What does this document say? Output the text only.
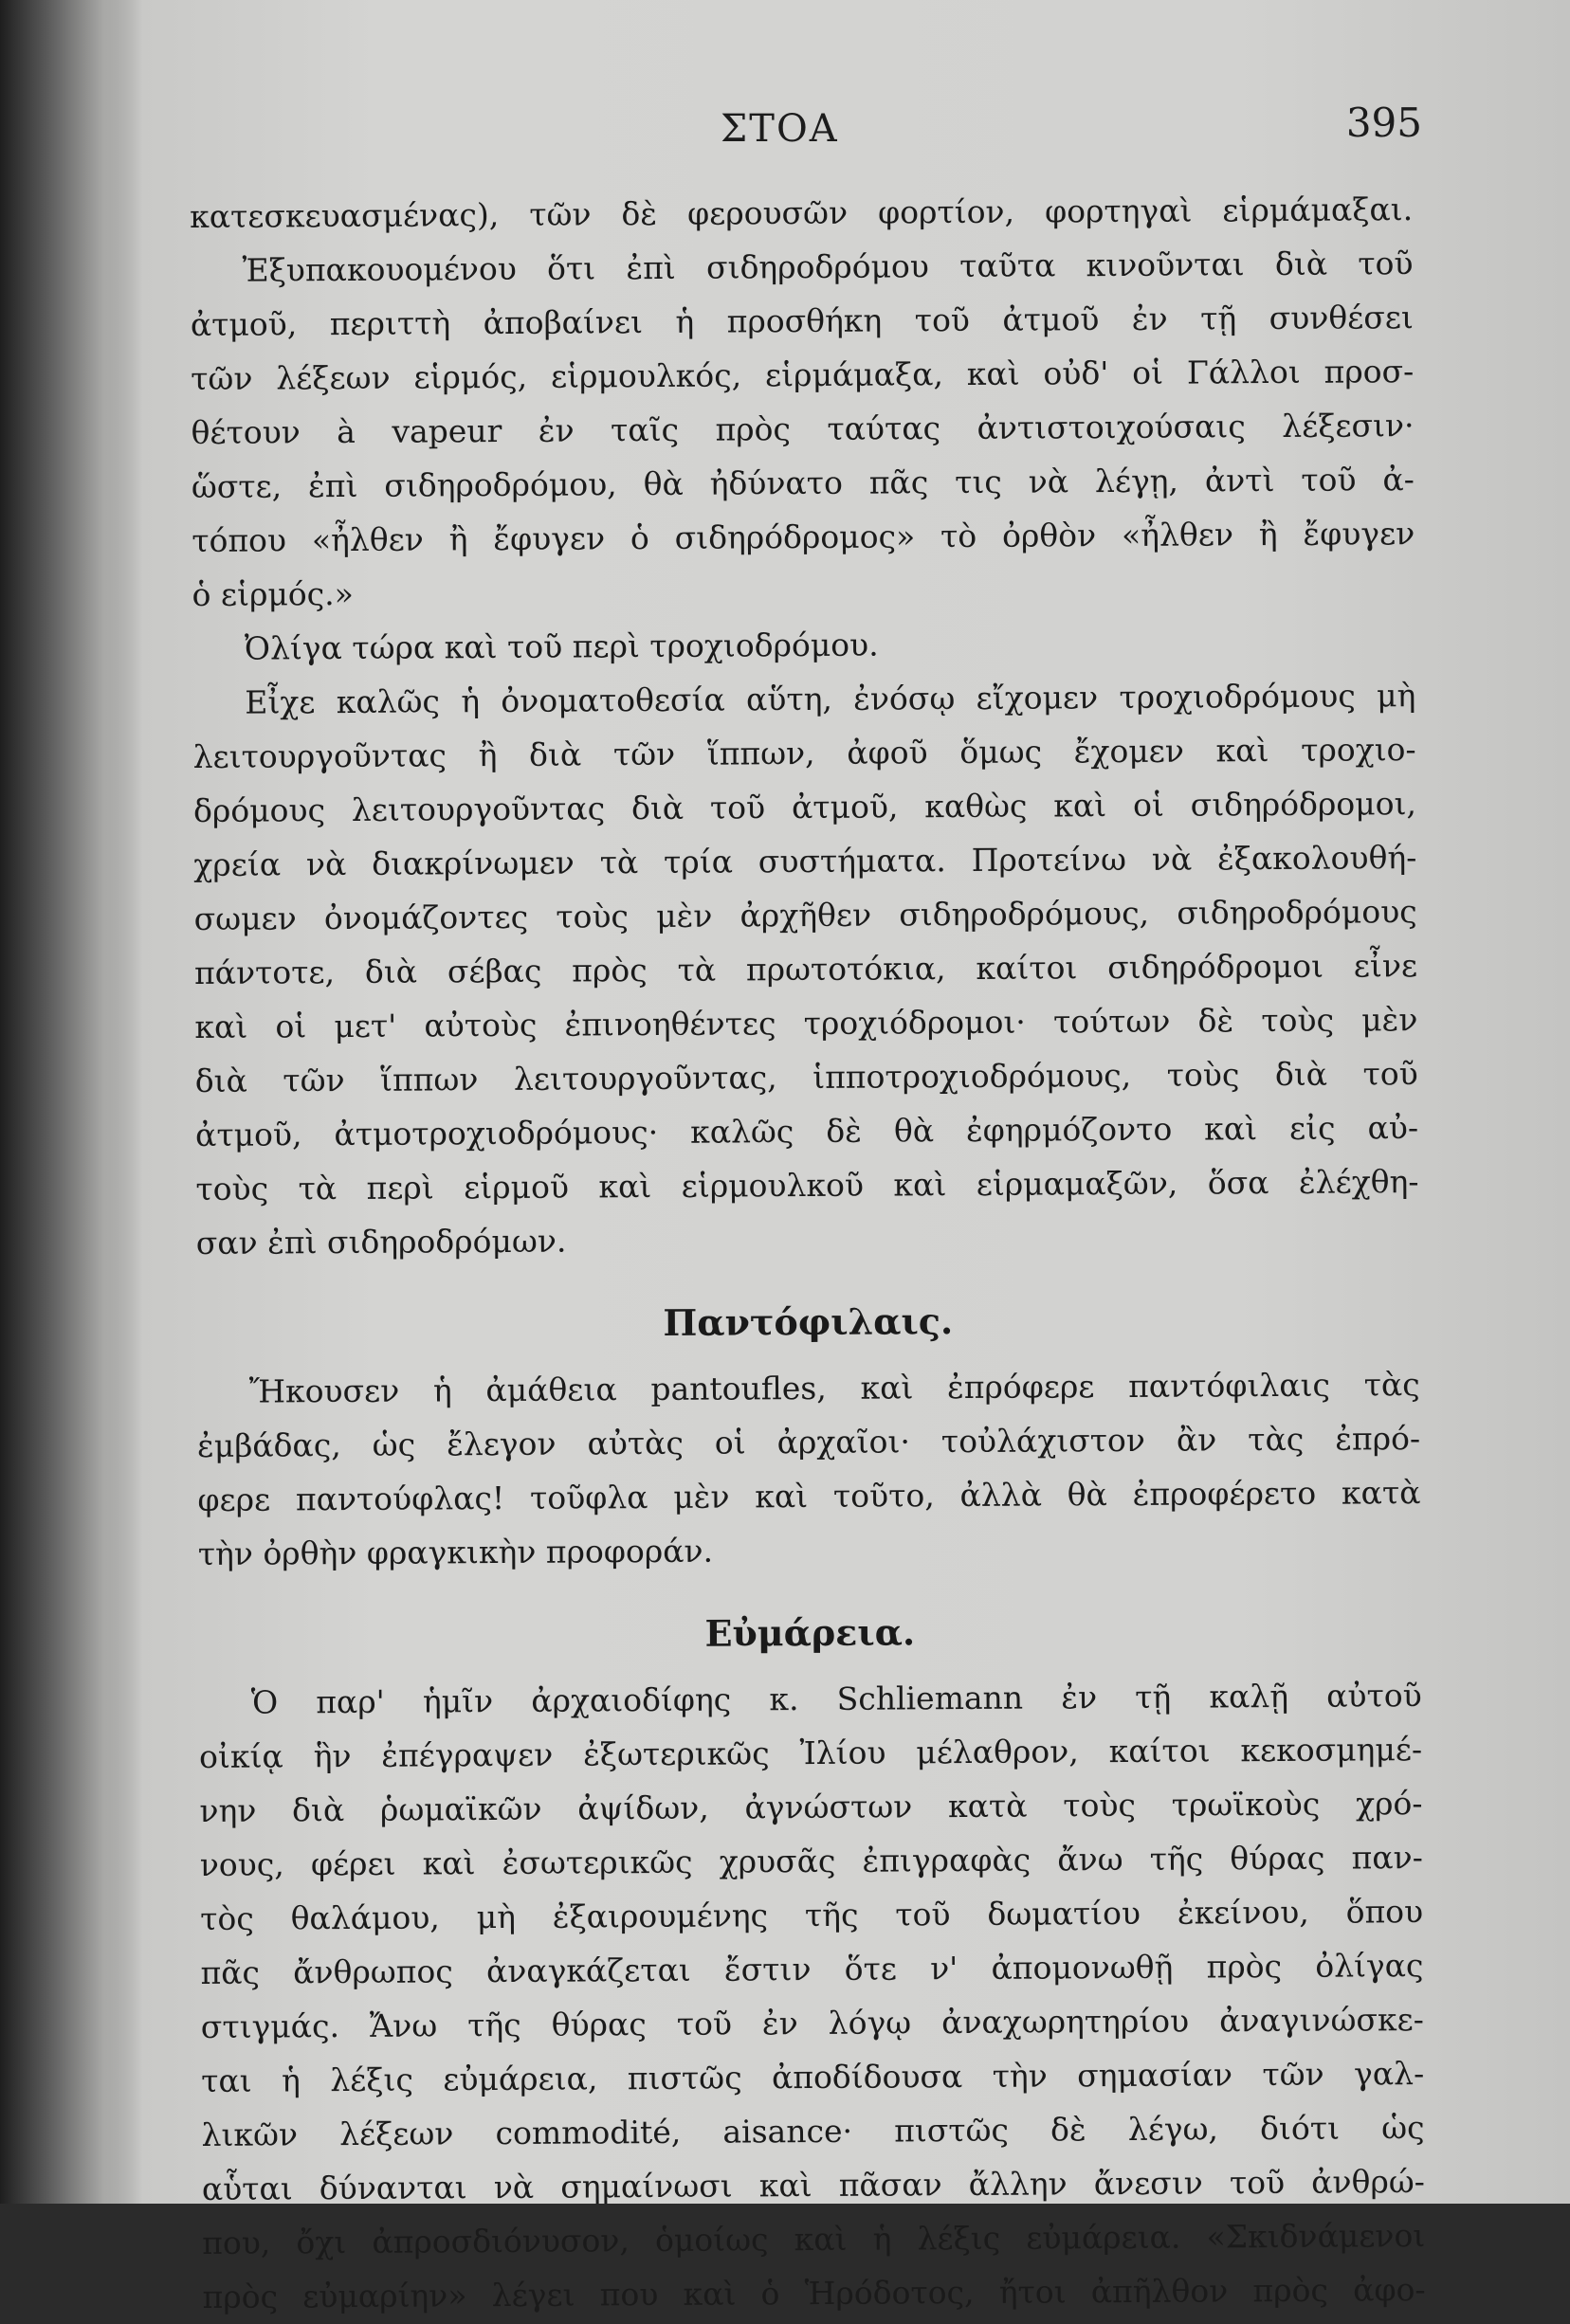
ΣΤΟΑ	395
κατεσκευασμένας), τῶν δὲ φερουσῶν φορτίον, φορτηγαὶ εἱρμάμαξαι.
Ἐξυπακουομένου ὅτι ἐπὶ σιδηροδρόμου ταῦτα κινοῦνται διὰ τοῦ
ἀτμοῦ, περιττὴ ἀποβαίνει ἡ προσθήκη τοῦ ἀτμοῦ ἐν τῇ συνθέσει
τῶν λέξεων εἱρμός, εἱρμουλκός, εἱρμάμαξα, καὶ οὐδ' οἱ Γάλλοι προσ-
θέτουν à vapeur ἐν ταῖς πρὸς ταύτας ἀντιστοιχούσαις λέξεσιν·
ὥστε, ἐπὶ σιδηροδρόμου, θὰ ἠδύνατο πᾶς τις νὰ λέγῃ, ἀντὶ τοῦ ἀ-
τόπου «ἦλθεν ἢ ἔφυγεν ὁ σιδηρόδρομος» τὸ ὀρθὸν «ἦλθεν ἢ ἔφυγεν
ὁ εἱρμός.»
Ὀλίγα τώρα καὶ τοῦ περὶ τροχιοδρόμου.
Εἶχε καλῶς ἡ ὀνοματοθεσία αὕτη, ἐνόσῳ εἴχομεν τροχιοδρόμους μὴ
λειτουργοῦντας ἢ διὰ τῶν ἵππων, ἀφοῦ ὅμως ἔχομεν καὶ τροχιο-
δρόμους λειτουργοῦντας διὰ τοῦ ἀτμοῦ, καθὼς καὶ οἱ σιδηρόδρομοι,
χρεία νὰ διακρίνωμεν τὰ τρία συστήματα. Προτείνω νὰ ἐξακολουθή-
σωμεν ὀνομάζοντες τοὺς μὲν ἀρχῆθεν σιδηροδρόμους, σιδηροδρόμους
πάντοτε, διὰ σέβας πρὸς τὰ πρωτοτόκια, καίτοι σιδηρόδρομοι εἶνε
καὶ οἱ μετ' αὐτοὺς ἐπινοηθέντες τροχιόδρομοι· τούτων δὲ τοὺς μὲν
διὰ τῶν ἵππων λειτουργοῦντας, ἱπποτροχιοδρόμους, τοὺς διὰ τοῦ
ἀτμοῦ, ἀτμοτροχιοδρόμους· καλῶς δὲ θὰ ἐφηρμόζοντο καὶ εἰς αὐ-
τοὺς τὰ περὶ εἱρμοῦ καὶ εἱρμουλκοῦ καὶ εἱρμαμαξῶν, ὅσα ἐλέχθη-
σαν ἐπὶ σιδηροδρόμων.
Παντόφιλαις.
Ἤκουσεν ἡ ἀμάθεια pantoufles, καὶ ἐπρόφερε παντόφιλαις τὰς
ἐμβάδας, ὡς ἔλεγον αὐτὰς οἱ ἀρχαῖοι· τοὐλάχιστον ἂν τὰς ἐπρό-
φερε παντούφλας! τοῦφλα μὲν καὶ τοῦτο, ἀλλὰ θὰ ἐπροφέρετο κατὰ
τὴν ὀρθὴν φραγκικὴν προφοράν.
Εὐμάρεια.
Ὁ παρ' ἡμῖν ἀρχαιοδίφης κ. Schliemann ἐν τῇ καλῇ αὐτοῦ
οἰκίᾳ ἣν ἐπέγραψεν ἐξωτερικῶς Ἰλίου μέλαθρον, καίτοι κεκοσμημέ-
νην διὰ ῥωμαϊκῶν ἀψίδων, ἀγνώστων κατὰ τοὺς τρωϊκοὺς χρό-
νους, φέρει καὶ ἐσωτερικῶς χρυσᾶς ἐπιγραφὰς ἄνω τῆς θύρας παν-
τὸς θαλάμου, μὴ ἐξαιρουμένης τῆς τοῦ δωματίου ἐκείνου, ὅπου
πᾶς ἄνθρωπος ἀναγκάζεται ἔστιν ὅτε ν' ἀπομονωθῇ πρὸς ὀλίγας
στιγμάς. Ἄνω τῆς θύρας τοῦ ἐν λόγῳ ἀναχωρητηρίου ἀναγινώσκε-
ται ἡ λέξις εὐμάρεια, πιστῶς ἀποδίδουσα τὴν σημασίαν τῶν γαλ-
λικῶν λέξεων commodité, aisance· πιστῶς δὲ λέγω, διότι ὡς
αὗται δύνανται νὰ σημαίνωσι καὶ πᾶσαν ἄλλην ἄνεσιν τοῦ ἀνθρώ-
που, ὄχι ἀπροσδιόνυσον, ὁμοίως καὶ ἡ λέξις εὐμάρεια. «Σκιδνάμενοι
πρὸς εὐμαρίην» λέγει που καὶ ὁ Ἡρόδοτος, ἤτοι ἀπῆλθον πρὸς ἀφο-
